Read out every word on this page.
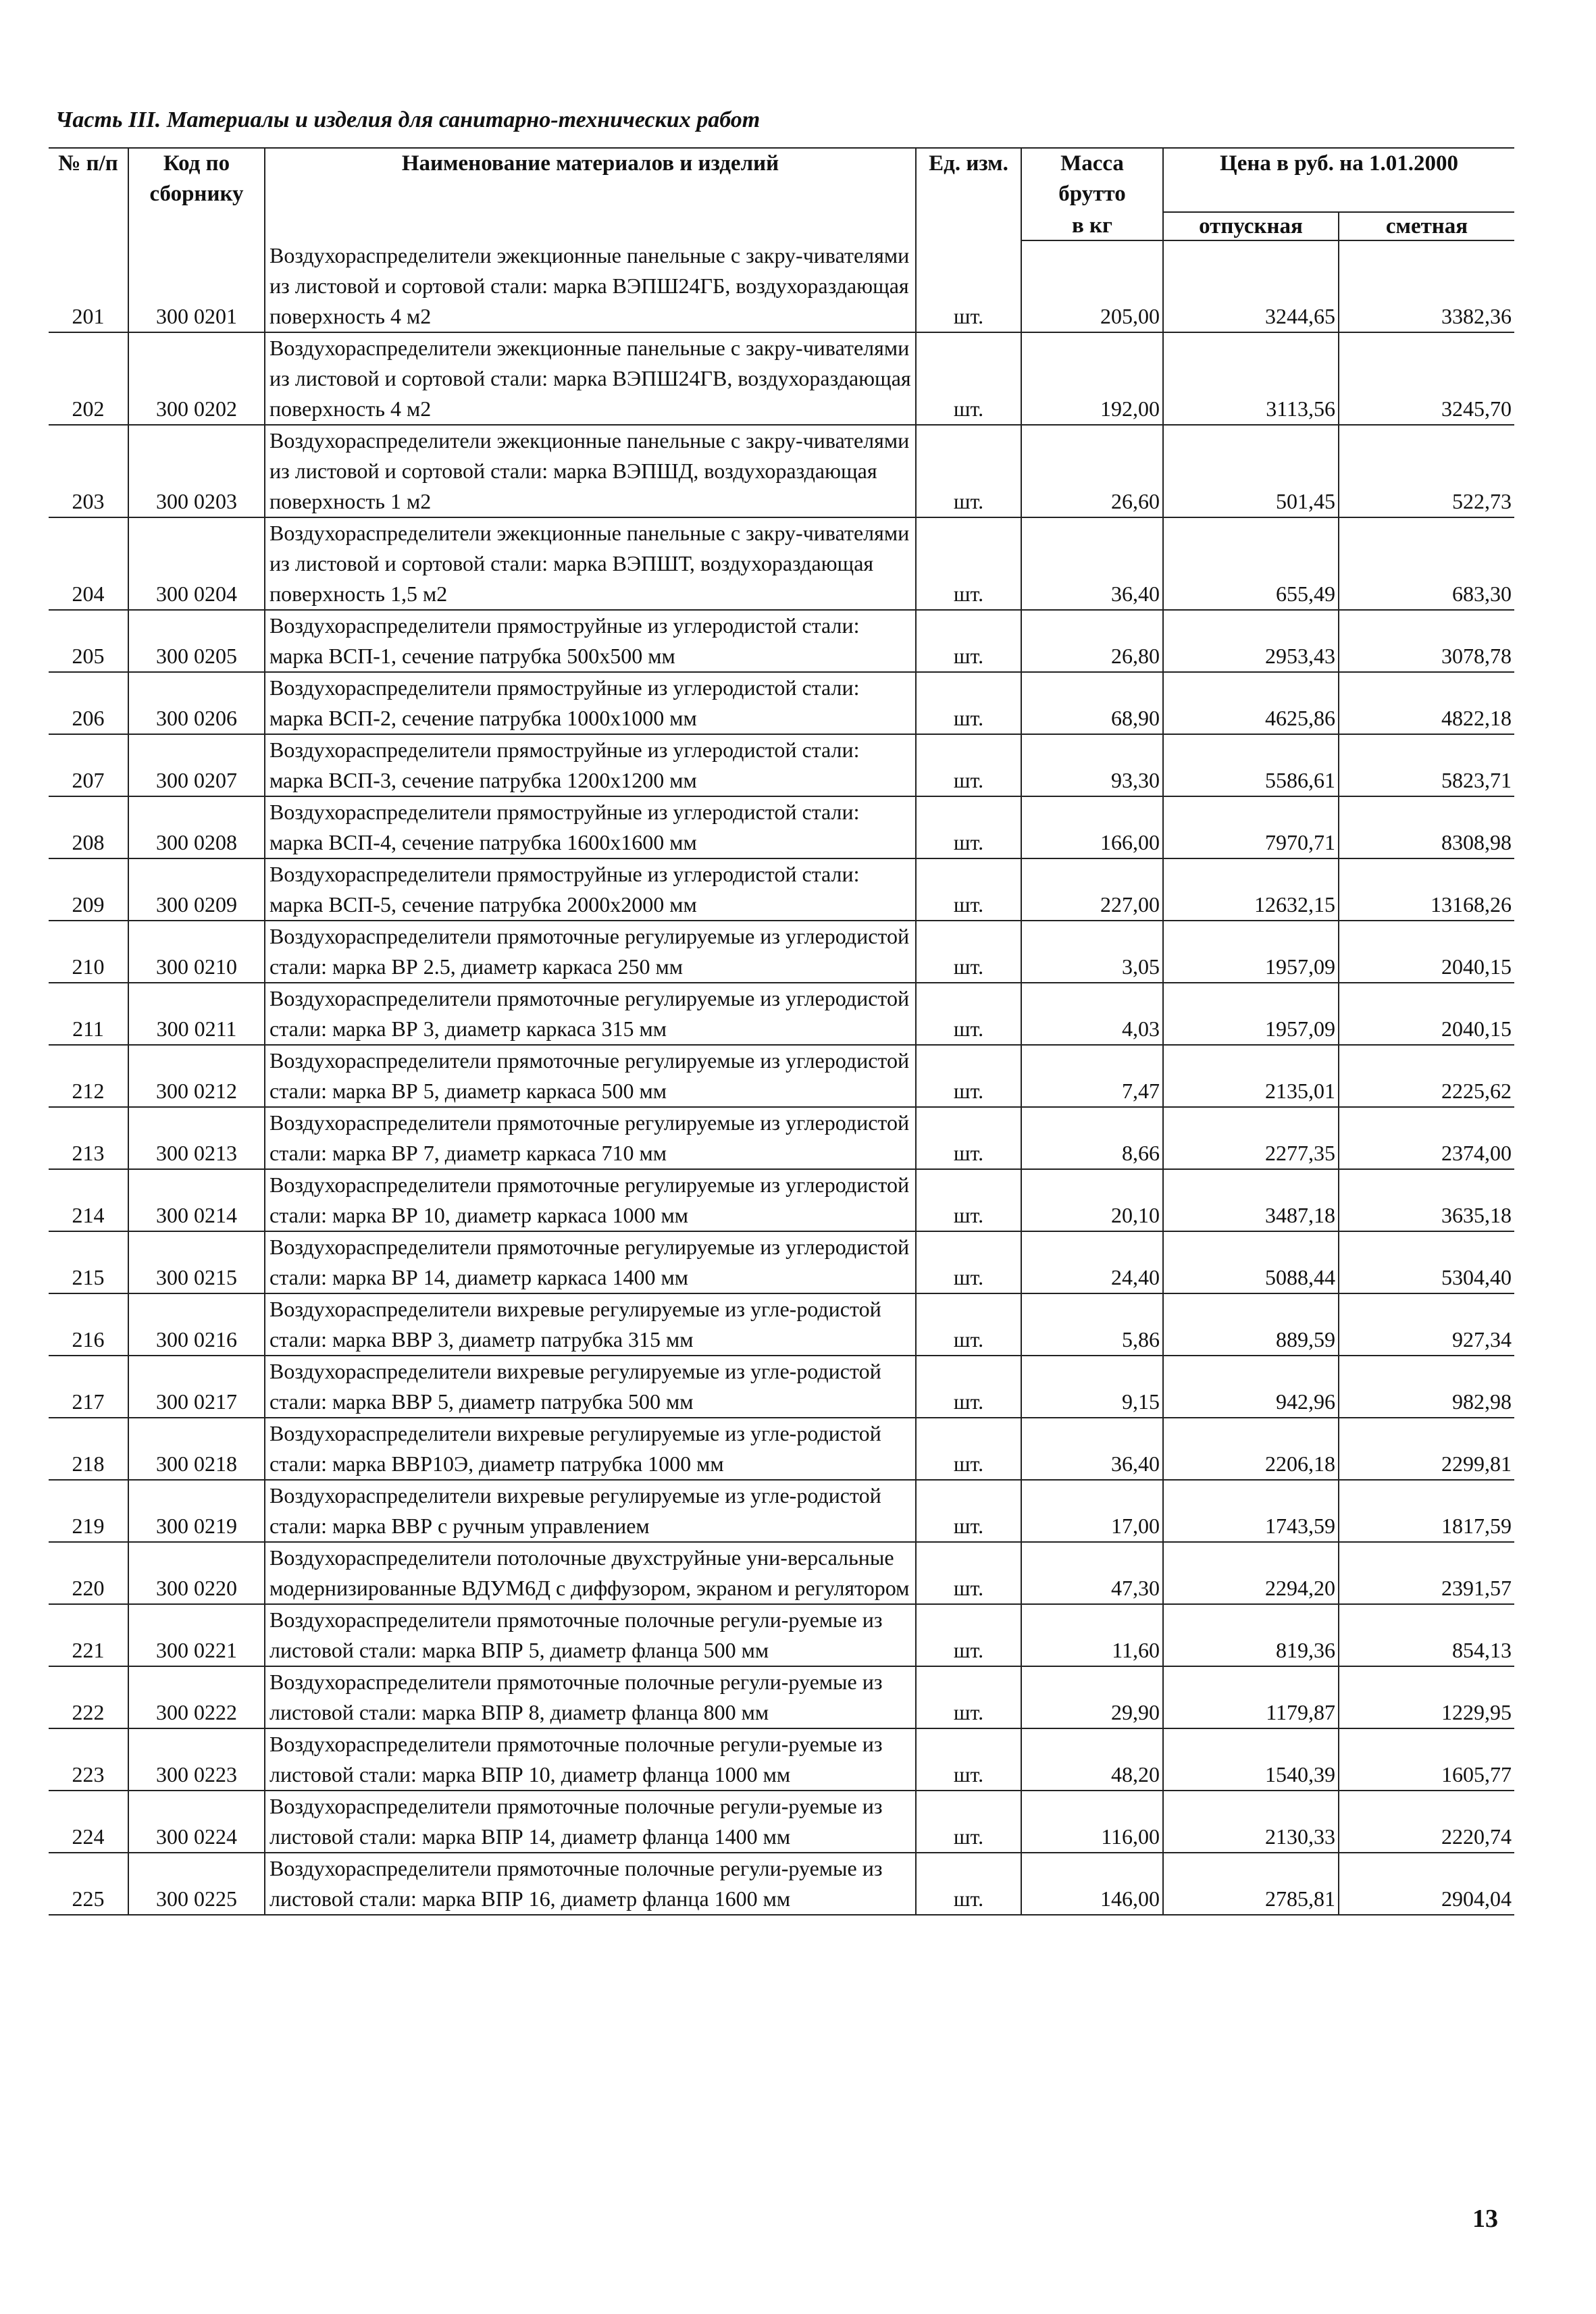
Часть III. Материалы и изделия для санитарно-технических работ
№ п/п	Код по сборнику	Наименование материалов и изделий	Ед. изм.	Масса брутто	Цена в руб. на 1.01.2000	
				в кг	отпускная	сметная
201	300 0201	Воздухораспределители эжекционные панельные с закру-чивателями из листовой и сортовой стали: марка ВЭПШ24ГБ, воздухораздающая поверхность 4 м2	шт.	205,00	3244,65	3382,36
202	300 0202	Воздухораспределители эжекционные панельные с закру-чивателями из листовой и сортовой стали: марка ВЭПШ24ГВ, воздухораздающая поверхность 4 м2	шт.	192,00	3113,56	3245,70
203	300 0203	Воздухораспределители эжекционные панельные с закру-чивателями из листовой и сортовой стали: марка ВЭПШД, воздухораздающая поверхность 1 м2	шт.	26,60	501,45	522,73
204	300 0204	Воздухораспределители эжекционные панельные с закру-чивателями из листовой и сортовой стали: марка ВЭПШТ, воздухораздающая поверхность 1,5 м2	шт.	36,40	655,49	683,30
205	300 0205	Воздухораспределители прямоструйные из углеродистой стали: марка ВСП-1, сечение патрубка 500х500 мм	шт.	26,80	2953,43	3078,78
206	300 0206	Воздухораспределители прямоструйные из углеродистой стали: марка ВСП-2, сечение патрубка 1000х1000 мм	шт.	68,90	4625,86	4822,18
207	300 0207	Воздухораспределители прямоструйные из углеродистой стали: марка ВСП-3, сечение патрубка 1200х1200 мм	шт.	93,30	5586,61	5823,71
208	300 0208	Воздухораспределители прямоструйные из углеродистой стали: марка ВСП-4, сечение патрубка 1600х1600 мм	шт.	166,00	7970,71	8308,98
209	300 0209	Воздухораспределители прямоструйные из углеродистой стали: марка ВСП-5, сечение патрубка 2000х2000 мм	шт.	227,00	12632,15	13168,26
210	300 0210	Воздухораспределители прямоточные регулируемые из углеродистой стали: марка ВР 2.5, диаметр каркаса 250 мм	шт.	3,05	1957,09	2040,15
211	300 0211	Воздухораспределители прямоточные регулируемые из углеродистой стали: марка ВР 3, диаметр каркаса 315 мм	шт.	4,03	1957,09	2040,15
212	300 0212	Воздухораспределители прямоточные регулируемые из углеродистой стали: марка ВР 5, диаметр каркаса 500 мм	шт.	7,47	2135,01	2225,62
213	300 0213	Воздухораспределители прямоточные регулируемые из углеродистой стали: марка ВР 7, диаметр каркаса 710 мм	шт.	8,66	2277,35	2374,00
214	300 0214	Воздухораспределители прямоточные регулируемые из углеродистой стали: марка ВР 10, диаметр каркаса 1000 мм	шт.	20,10	3487,18	3635,18
215	300 0215	Воздухораспределители прямоточные регулируемые из углеродистой стали: марка ВР 14, диаметр каркаса 1400 мм	шт.	24,40	5088,44	5304,40
216	300 0216	Воздухораспределители вихревые регулируемые из угле-родистой стали: марка ВВР 3, диаметр патрубка 315 мм	шт.	5,86	889,59	927,34
217	300 0217	Воздухораспределители вихревые регулируемые из угле-родистой стали: марка ВВР 5, диаметр патрубка 500 мм	шт.	9,15	942,96	982,98
218	300 0218	Воздухораспределители вихревые регулируемые из угле-родистой стали: марка ВВР10Э, диаметр патрубка 1000 мм	шт.	36,40	2206,18	2299,81
219	300 0219	Воздухораспределители вихревые регулируемые из угле-родистой стали: марка ВВР с ручным управлением	шт.	17,00	1743,59	1817,59
220	300 0220	Воздухораспределители потолочные двухструйные уни-версальные модернизированные ВДУМ6Д с диффузором, экраном и регулятором	шт.	47,30	2294,20	2391,57
221	300 0221	Воздухораспределители прямоточные полочные регули-руемые из листовой стали: марка ВПР 5, диаметр фланца 500 мм	шт.	11,60	819,36	854,13
222	300 0222	Воздухораспределители прямоточные полочные регули-руемые из листовой стали: марка ВПР 8, диаметр фланца 800 мм	шт.	29,90	1179,87	1229,95
223	300 0223	Воздухораспределители прямоточные полочные регули-руемые из листовой стали: марка ВПР 10, диаметр фланца 1000 мм	шт.	48,20	1540,39	1605,77
224	300 0224	Воздухораспределители прямоточные полочные регули-руемые из листовой стали: марка ВПР 14, диаметр фланца 1400 мм	шт.	116,00	2130,33	2220,74
225	300 0225	Воздухораспределители прямоточные полочные регули-руемые из листовой стали: марка ВПР 16, диаметр фланца 1600 мм	шт.	146,00	2785,81	2904,04
13
